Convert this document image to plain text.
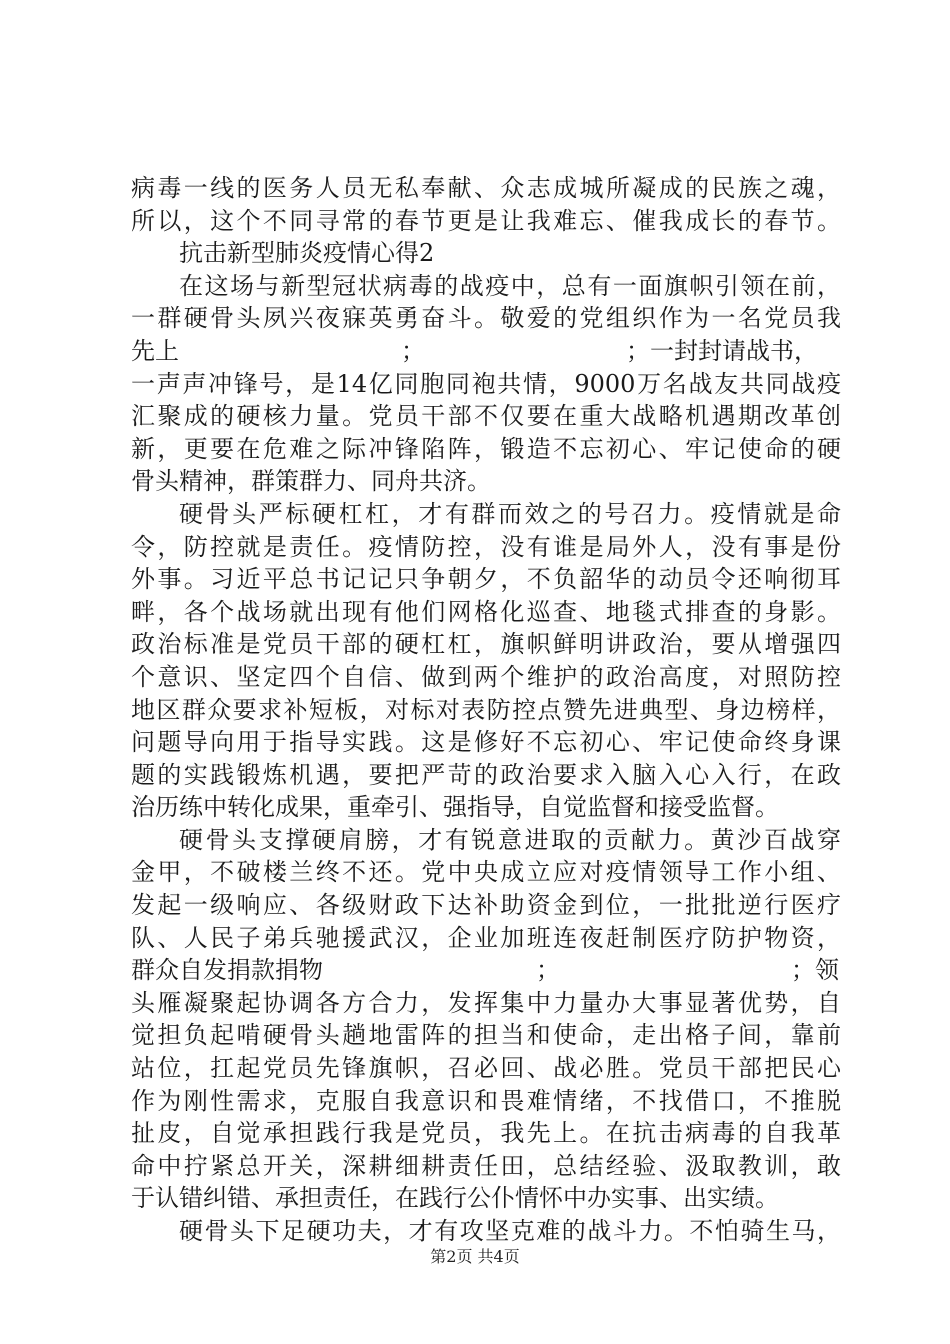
病毒一线的医务人员无私奉献、众志成城所凝成的民族之魂，
所以，这个不同寻常的春节更是让我难忘、催我成长的春节。
抗击新型肺炎疫情心得2
在这场与新型冠状病毒的战疫中，总有一面旗帜引领在前，
一群硬骨头夙兴夜寐英勇奋斗。敬爱的党组织作为一名党员我
先上	；	；一封封请战书，
一声声冲锋号，是14亿同胞同袍共情，9000万名战友共同战疫
汇聚成的硬核力量。党员干部不仅要在重大战略机遇期改革创
新，更要在危难之际冲锋陷阵，锻造不忘初心、牢记使命的硬
骨头精神，群策群力、同舟共济。
硬骨头严标硬杠杠，才有群而效之的号召力。疫情就是命
令，防控就是责任。疫情防控，没有谁是局外人，没有事是份
外事。习近平总书记记只争朝夕，不负韶华的动员令还响彻耳
畔，各个战场就出现有他们网格化巡查、地毯式排查的身影。
政治标准是党员干部的硬杠杠，旗帜鲜明讲政治，要从增强四
个意识、坚定四个自信、做到两个维护的政治高度，对照防控
地区群众要求补短板，对标对表防控点赞先进典型、身边榜样，
问题导向用于指导实践。这是修好不忘初心、牢记使命终身课
题的实践锻炼机遇，要把严苛的政治要求入脑入心入行，在政
治历练中转化成果，重牵引、强指导，自觉监督和接受监督。
硬骨头支撑硬肩膀，才有锐意进取的贡献力。黄沙百战穿
金甲，不破楼兰终不还。党中央成立应对疫情领导工作小组、
发起一级响应、各级财政下达补助资金到位，一批批逆行医疗
队、人民子弟兵驰援武汉，企业加班连夜赶制医疗防护物资，
群众自发捐款捐物	；	；领
头雁凝聚起协调各方合力，发挥集中力量办大事显著优势，自
觉担负起啃硬骨头趟地雷阵的担当和使命，走出格子间，靠前
站位，扛起党员先锋旗帜，召必回、战必胜。党员干部把民心
作为刚性需求，克服自我意识和畏难情绪，不找借口，不推脱
扯皮，自觉承担践行我是党员，我先上。在抗击病毒的自我革
命中拧紧总开关，深耕细耕责任田，总结经验、汲取教训，敢
于认错纠错、承担责任，在践行公仆情怀中办实事、出实绩。
硬骨头下足硬功夫，才有攻坚克难的战斗力。不怕骑生马，
第2页 共4页
